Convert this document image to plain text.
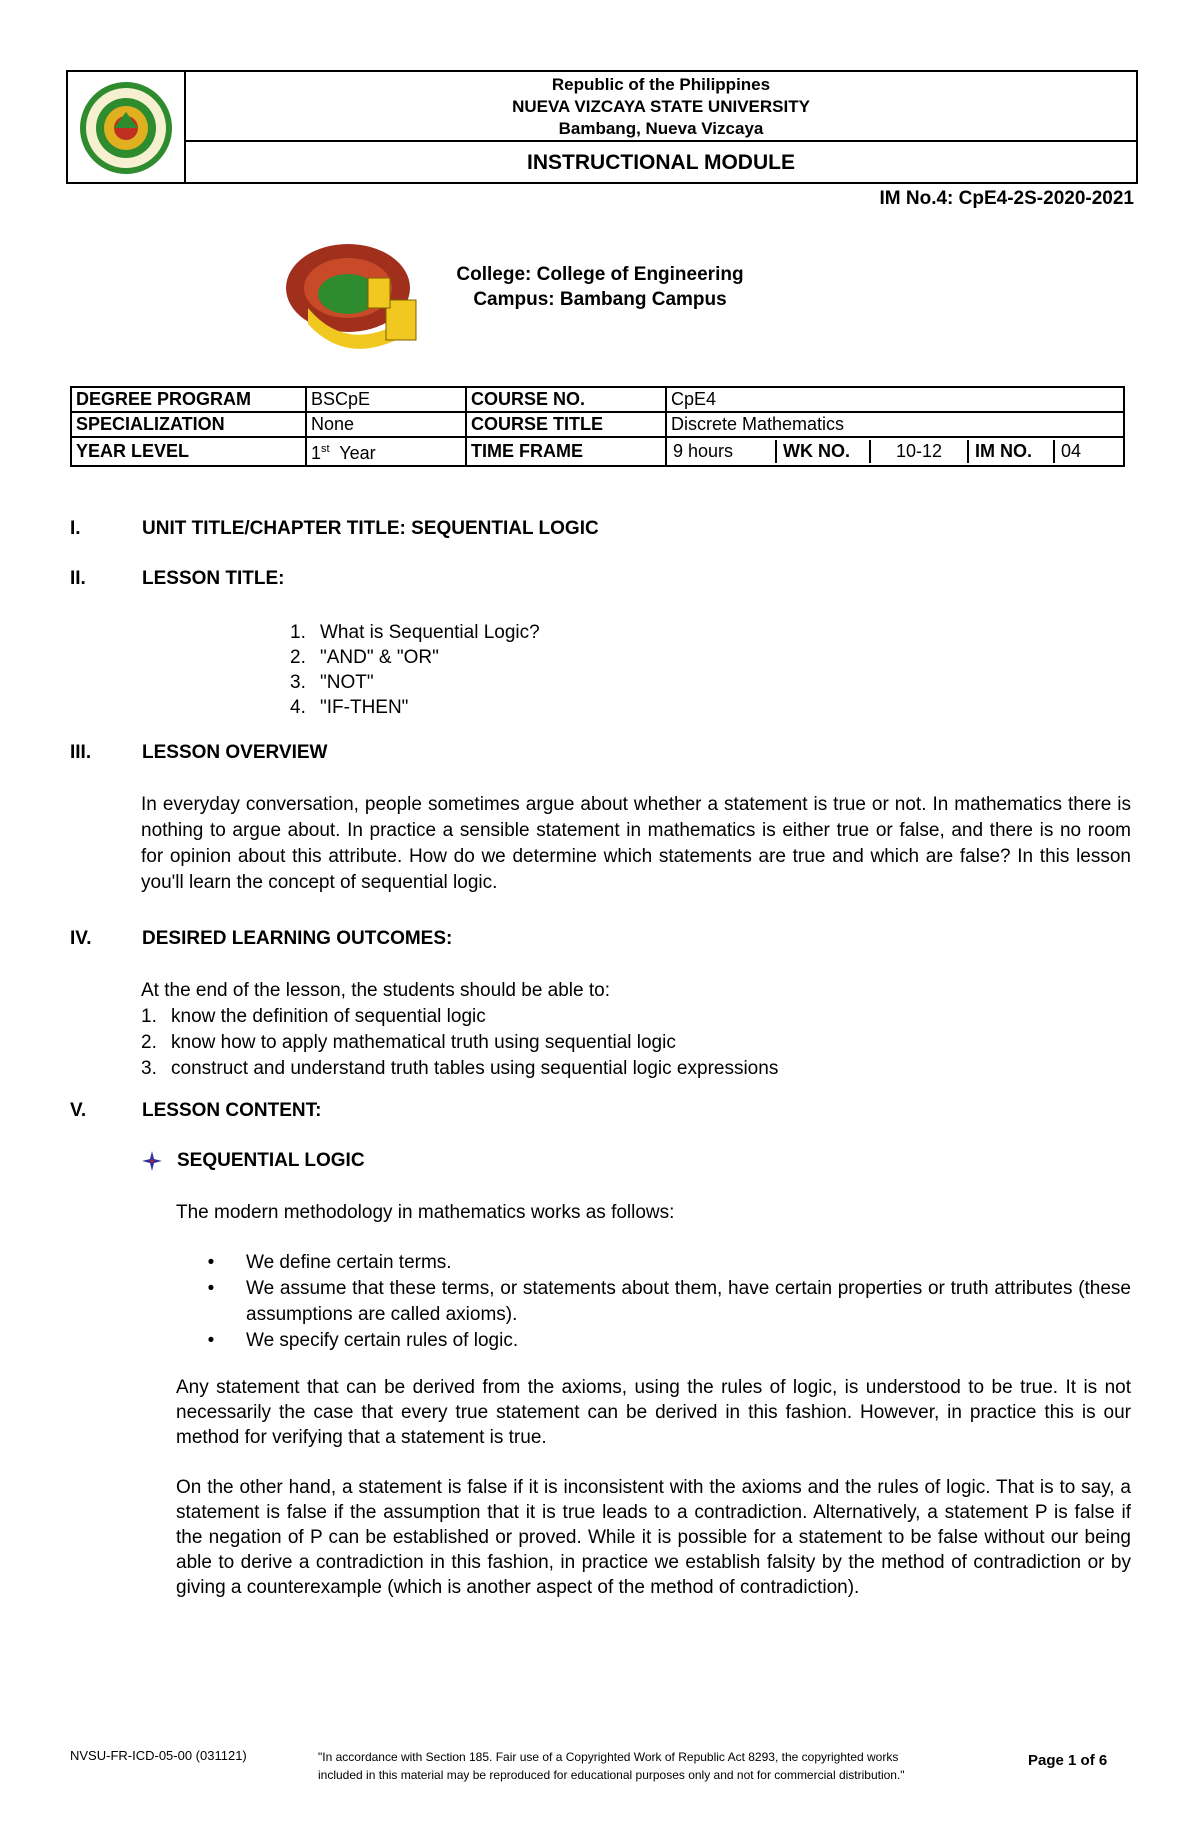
Republic of the Philippines
NUEVA VIZCAYA STATE UNIVERSITY
Bambang, Nueva Vizcaya
INSTRUCTIONAL MODULE
IM No.4: CpE4-2S-2020-2021
College: College of Engineering
Campus: Bambang Campus
DEGREE PROGRAM	BSCpE	COURSE NO.	CpE4
SPECIALIZATION	None	COURSE TITLE	Discrete Mathematics
YEAR LEVEL	1st Year	TIME FRAME	9 hours WK NO. 10-12 IM NO. 04
I.	UNIT TITLE/CHAPTER TITLE: SEQUENTIAL LOGIC
II.	LESSON TITLE:
1. What is Sequential Logic?
2. "AND" & "OR"
3. "NOT"
4. "IF-THEN"
III.	LESSON OVERVIEW
In everyday conversation, people sometimes argue about whether a statement is true or not. In mathematics there is nothing to argue about. In practice a sensible statement in mathematics is either true or false, and there is no room for opinion about this attribute. How do we determine which statements are true and which are false? In this lesson you'll learn the concept of sequential logic.
IV.	DESIRED LEARNING OUTCOMES:
At the end of the lesson, the students should be able to:
1. know the definition of sequential logic
2. know how to apply mathematical truth using sequential logic
3. construct and understand truth tables using sequential logic expressions
V.	LESSON CONTENT:
SEQUENTIAL LOGIC
The modern methodology in mathematics works as follows:
•	We define certain terms.
•	We assume that these terms, or statements about them, have certain properties or truth attributes (these assumptions are called axioms).
•	We specify certain rules of logic.
Any statement that can be derived from the axioms, using the rules of logic, is understood to be true. It is not necessarily the case that every true statement can be derived in this fashion. However, in practice this is our method for verifying that a statement is true.
On the other hand, a statement is false if it is inconsistent with the axioms and the rules of logic. That is to say, a statement is false if the assumption that it is true leads to a contradiction. Alternatively, a statement P is false if the negation of P can be established or proved. While it is possible for a statement to be false without our being able to derive a contradiction in this fashion, in practice we establish falsity by the method of contradiction or by giving a counterexample (which is another aspect of the method of contradiction).
NVSU-FR-ICD-05-00 (031121)	"In accordance with Section 185. Fair use of a Copyrighted Work of Republic Act 8293, the copyrighted works
included in this material may be reproduced for educational purposes only and not for commercial distribution."
Page 1 of 6
